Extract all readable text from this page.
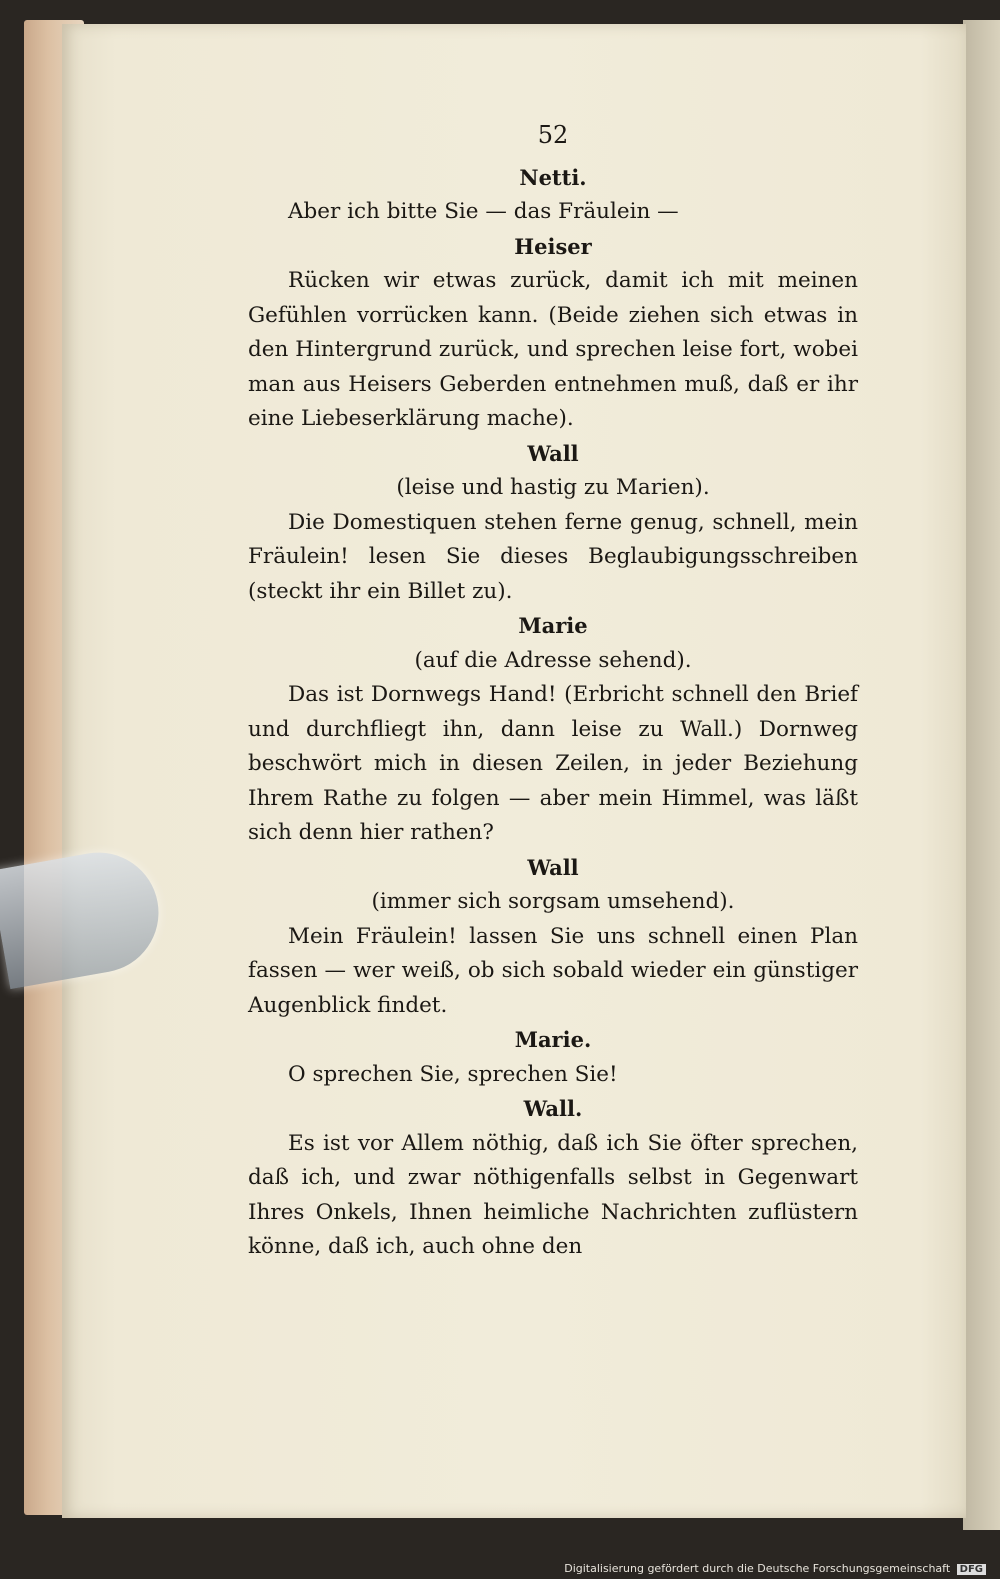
52
Netti.

Aber ich bitte Sie — das Fräulein —

Heiser

Rücken wir etwas zurück, damit ich mit meinen Gefühlen vorrücken kann. (Beide ziehen sich etwas in den Hintergrund zurück, und sprechen leise fort, wobei man aus Heisers Geberden entnehmen muß, daß er ihr eine Liebeserklärung mache).

Wall
(leise und hastig zu Marien).

Die Domestiquen stehen ferne genug, schnell, mein Fräulein! lesen Sie dieses Beglaubigungsschreiben (steckt ihr ein Billet zu).

Marie
(auf die Adresse sehend).

Das ist Dornwegs Hand! (Erbricht schnell den Brief und durchfliegt ihn, dann leise zu Wall.) Dornweg beschwört mich in diesen Zeilen, in jeder Beziehung Ihrem Rathe zu folgen — aber mein Himmel, was läßt sich denn hier rathen?

Wall
(immer sich sorgsam umsehend).

Mein Fräulein! lassen Sie uns schnell einen Plan fassen — wer weiß, ob sich sobald wieder ein günstiger Augenblick findet.

Marie.

O sprechen Sie, sprechen Sie!

Wall.

Es ist vor Allem nöthig, daß ich Sie öfter sprechen, daß ich, und zwar nöthigenfalls selbst in Gegenwart Ihres Onkels, Ihnen heimliche Nachrichten zuflüstern könne, daß ich, auch ohne den

Digitalisierung gefördert durch die Deutsche Forschungsgemeinschaft DFG
